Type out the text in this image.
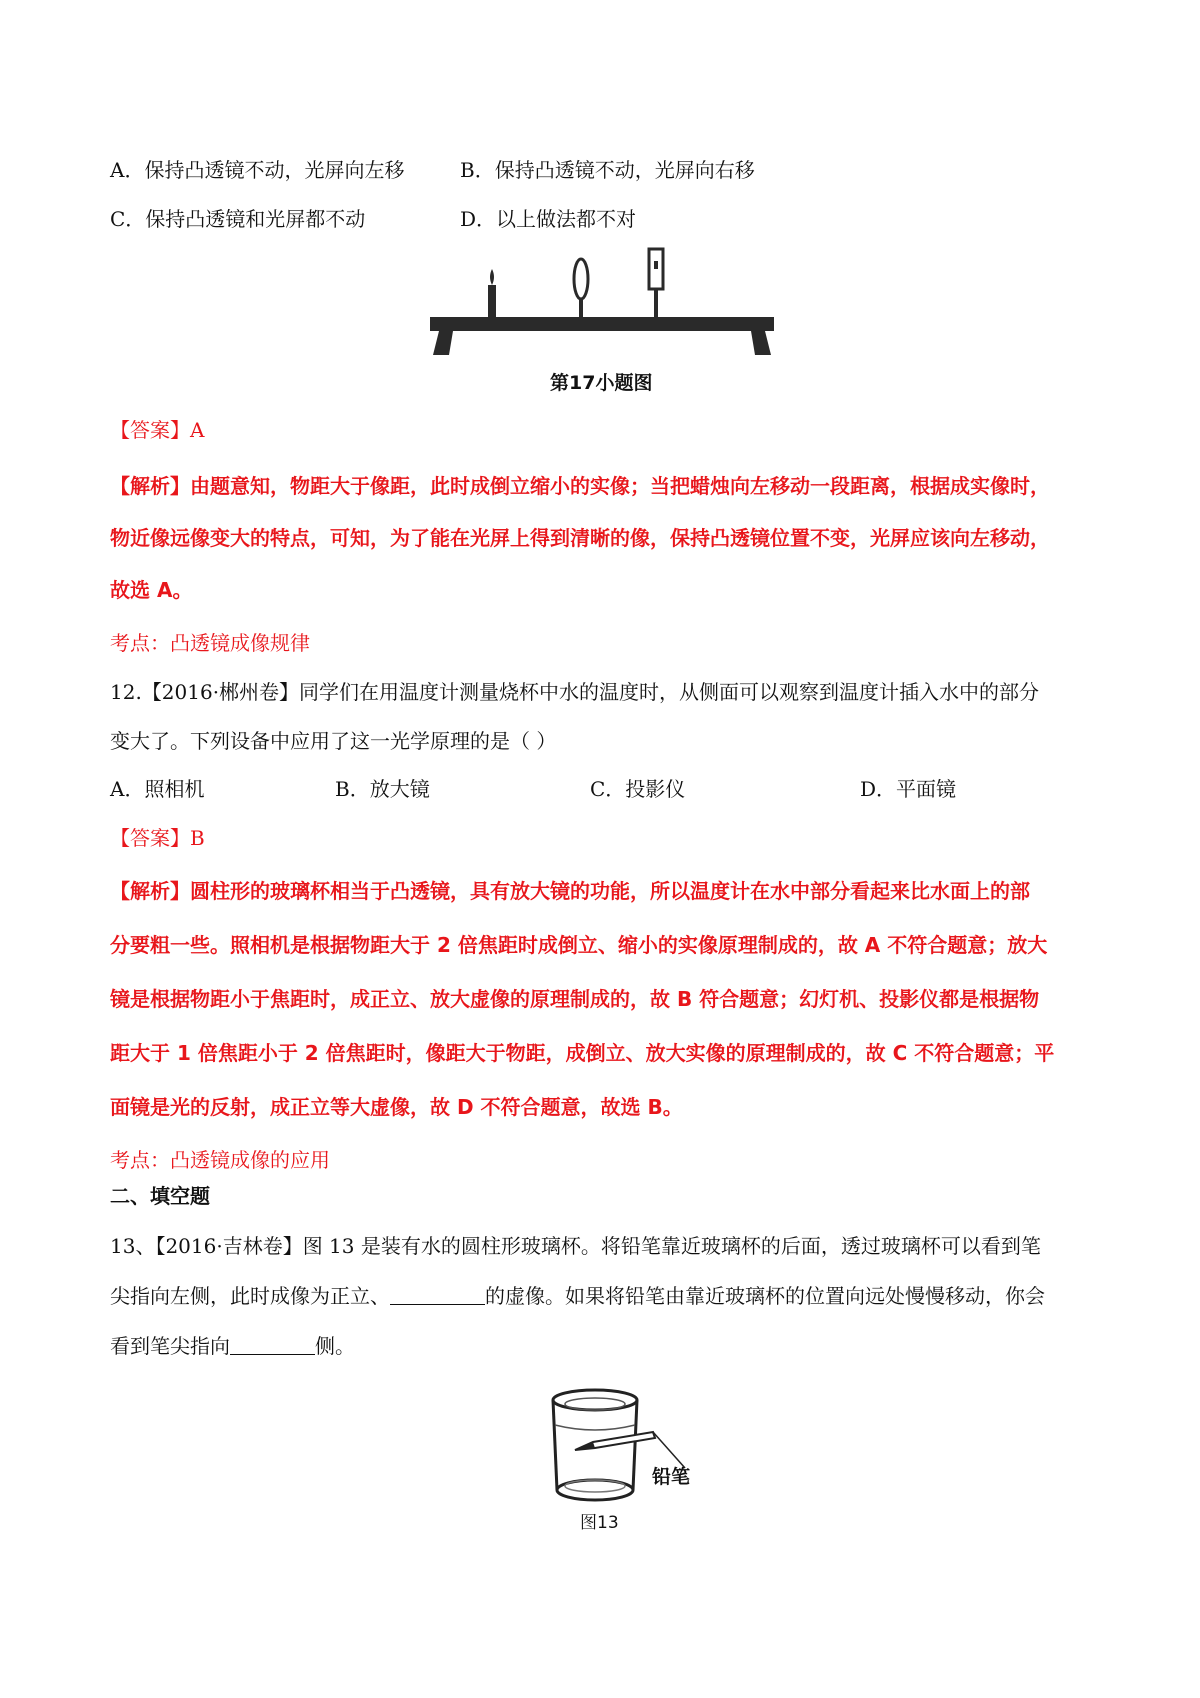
A．保持凸透镜不动，光屏向左移	B．保持凸透镜不动，光屏向右移
C．保持凸透镜和光屏都不动	D．以上做法都不对
第17小题图
【答案】A
【解析】由题意知，物距大于像距，此时成倒立缩小的实像；当把蜡烛向左移动一段距离，根据成实像时，
物近像远像变大的特点，可知，为了能在光屏上得到清晰的像，保持凸透镜位置不变，光屏应该向左移动，
故选 A。
考点：凸透镜成像规律
12.【2016·郴州卷】同学们在用温度计测量烧杯中水的温度时，从侧面可以观察到温度计插入水中的部分
变大了。下列设备中应用了这一光学原理的是（ ）
A．照相机	B．放大镜	C．投影仪	D．平面镜
【答案】B
【解析】圆柱形的玻璃杯相当于凸透镜，具有放大镜的功能，所以温度计在水中部分看起来比水面上的部
分要粗一些。照相机是根据物距大于 2 倍焦距时成倒立、缩小的实像原理制成的，故 A 不符合题意；放大
镜是根据物距小于焦距时，成正立、放大虚像的原理制成的，故 B 符合题意；幻灯机、投影仪都是根据物
距大于 1 倍焦距小于 2 倍焦距时，像距大于物距，成倒立、放大实像的原理制成的，故 C 不符合题意；平
面镜是光的反射，成正立等大虚像，故 D 不符合题意，故选 B。
考点：凸透镜成像的应用
二、填空题
13、【2016·吉林卷】图 13 是装有水的圆柱形玻璃杯。将铅笔靠近玻璃杯的后面，透过玻璃杯可以看到笔
尖指向左侧，此时成像为正立、	的虚像。如果将铅笔由靠近玻璃杯的位置向远处慢慢移动，你会
看到笔尖指向	侧。
铅笔
图13
